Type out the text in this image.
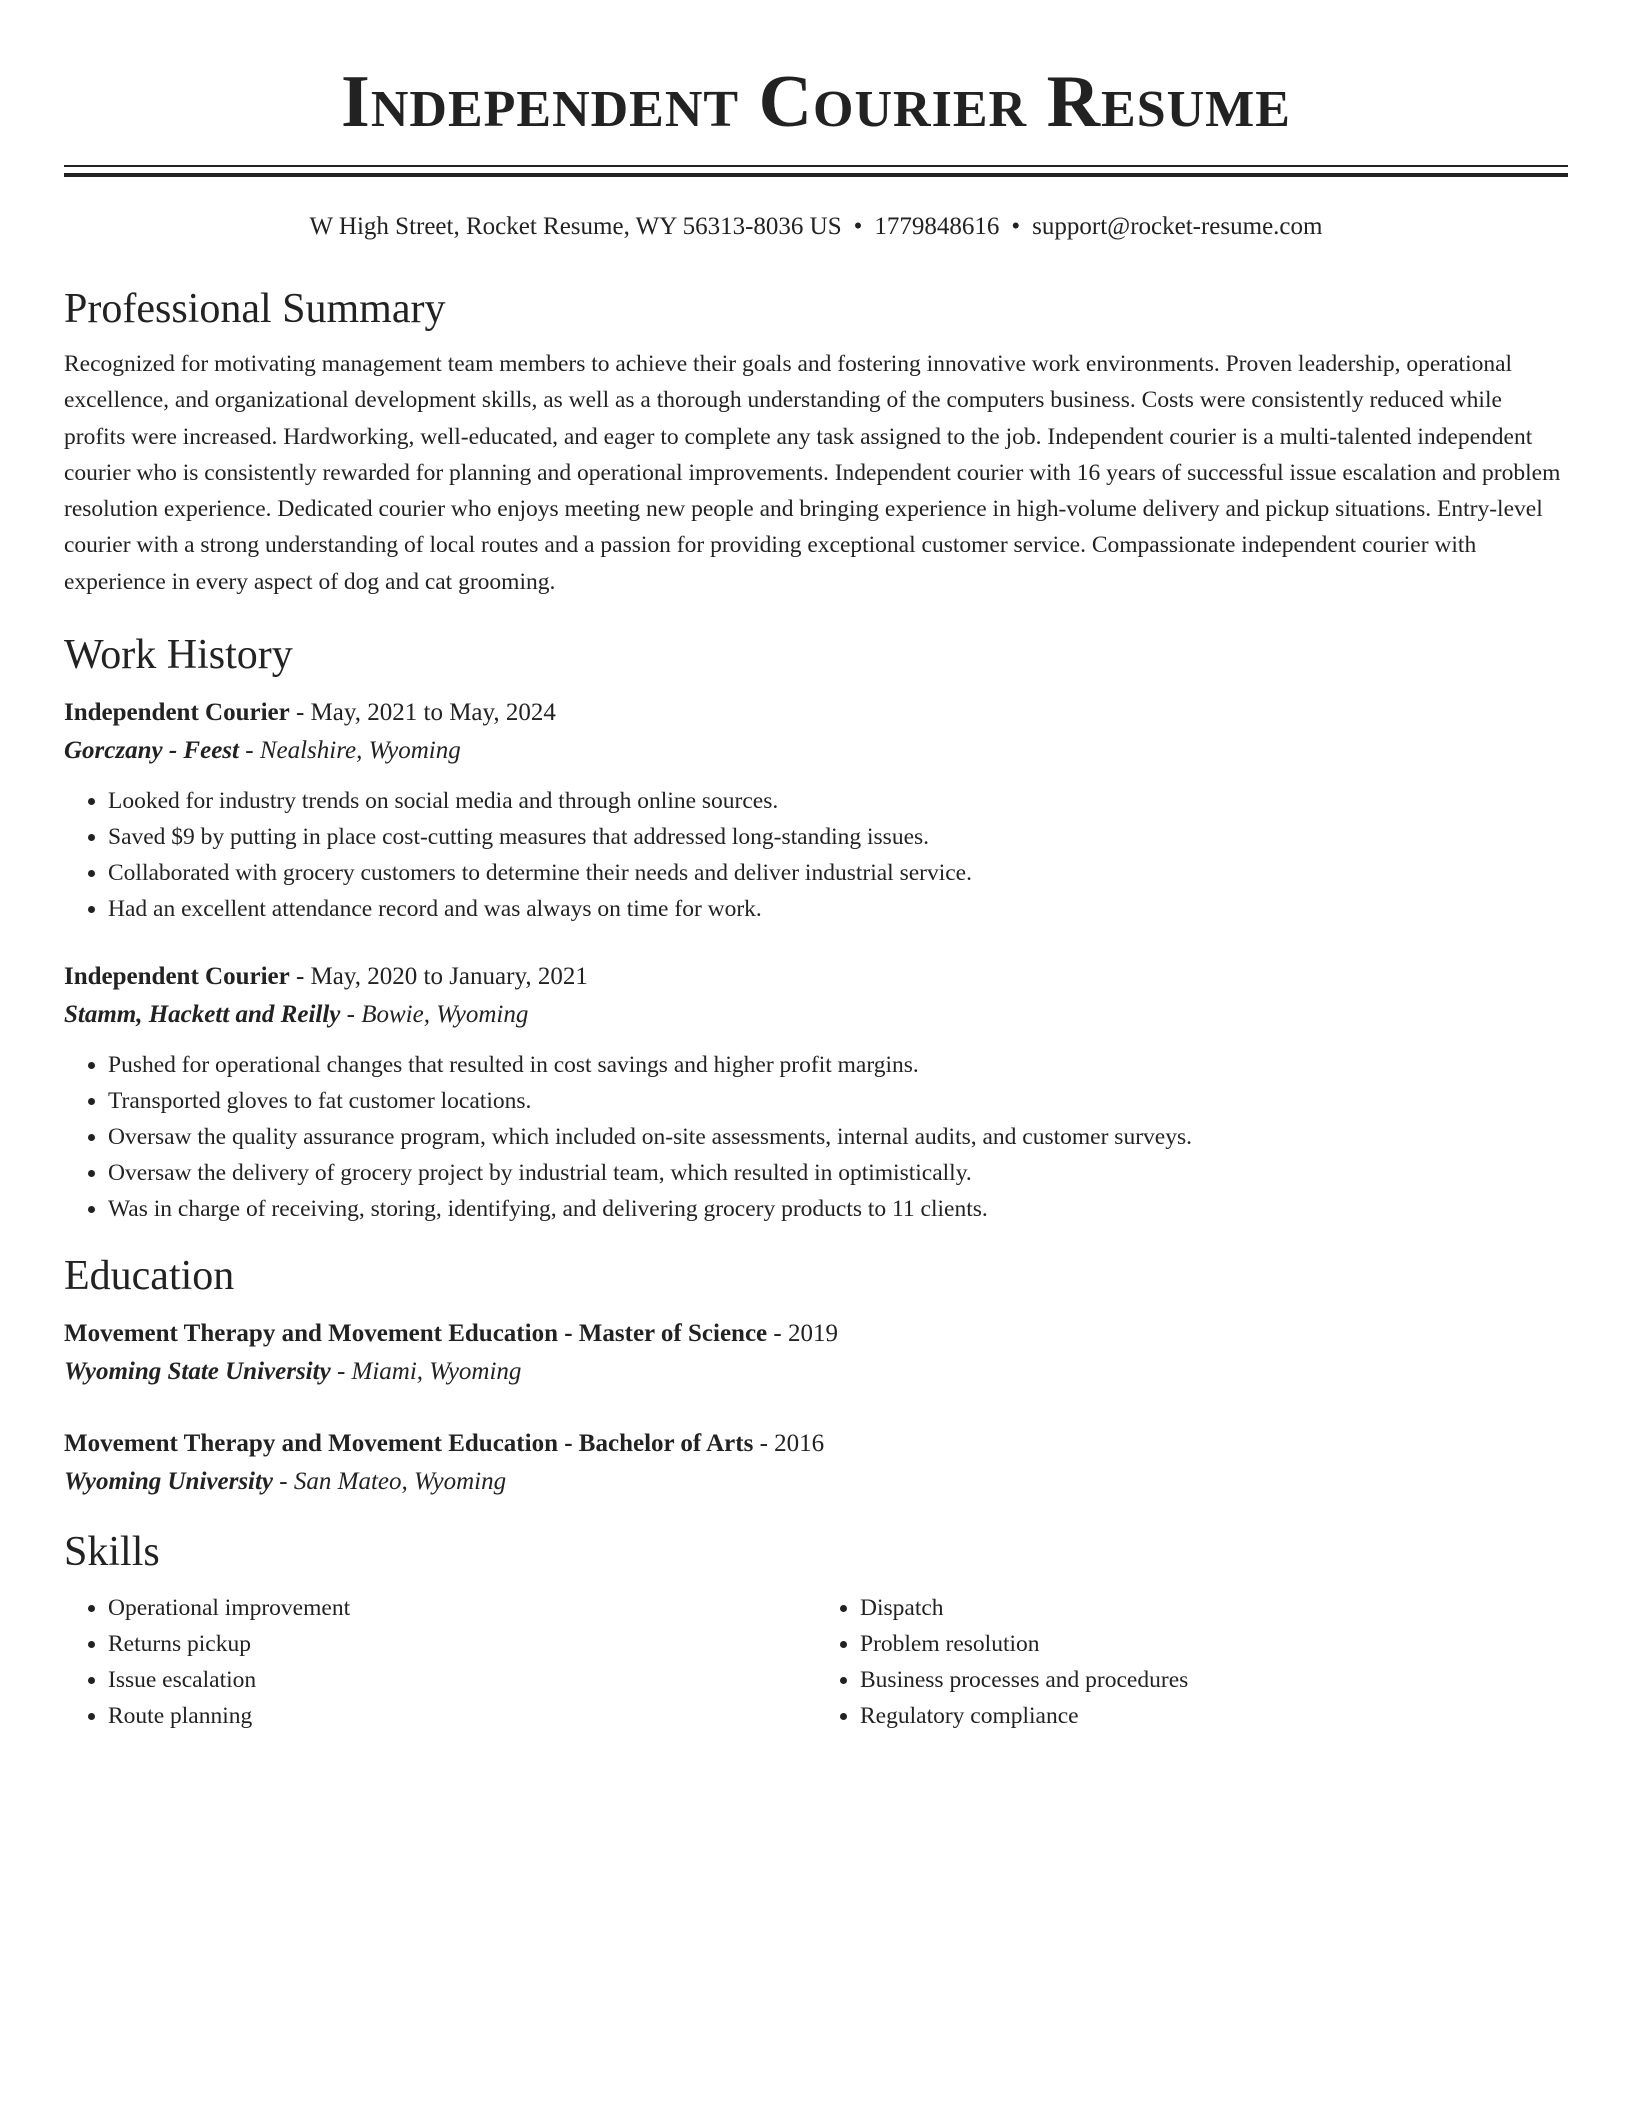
Independent Courier Resume
W High Street, Rocket Resume, WY 56313-8036 US • 1779848616 • support@rocket-resume.com
Professional Summary

Recognized for motivating management team members to achieve their goals and fostering innovative work environments. Proven leadership, operational excellence, and organizational development skills, as well as a thorough understanding of the computers business. Costs were consistently reduced while profits were increased. Hardworking, well-educated, and eager to complete any task assigned to the job. Independent courier is a multi-talented independent courier who is consistently rewarded for planning and operational improvements. Independent courier with 16 years of successful issue escalation and problem resolution experience. Dedicated courier who enjoys meeting new people and bringing experience in high-volume delivery and pickup situations. Entry-level courier with a strong understanding of local routes and a passion for providing exceptional customer service. Compassionate independent courier with experience in every aspect of dog and cat grooming.

Work History
Independent Courier - May, 2021 to May, 2024
Gorczany - Feest - Nealshire, Wyoming
• Looked for industry trends on social media and through online sources.
• Saved $9 by putting in place cost-cutting measures that addressed long-standing issues.
• Collaborated with grocery customers to determine their needs and deliver industrial service.
• Had an excellent attendance record and was always on time for work.
Independent Courier - May, 2020 to January, 2021
Stamm, Hackett and Reilly - Bowie, Wyoming
• Pushed for operational changes that resulted in cost savings and higher profit margins.
• Transported gloves to fat customer locations.
• Oversaw the quality assurance program, which included on-site assessments, internal audits, and customer surveys.
• Oversaw the delivery of grocery project by industrial team, which resulted in optimistically.
• Was in charge of receiving, storing, identifying, and delivering grocery products to 11 clients.
Education
Movement Therapy and Movement Education - Master of Science - 2019
Wyoming State University - Miami, Wyoming
Movement Therapy and Movement Education - Bachelor of Arts - 2016
Wyoming University - San Mateo, Wyoming
Skills
• Operational improvement
• Returns pickup
• Issue escalation
• Route planning
• Dispatch
• Problem resolution
• Business processes and procedures
• Regulatory compliance
